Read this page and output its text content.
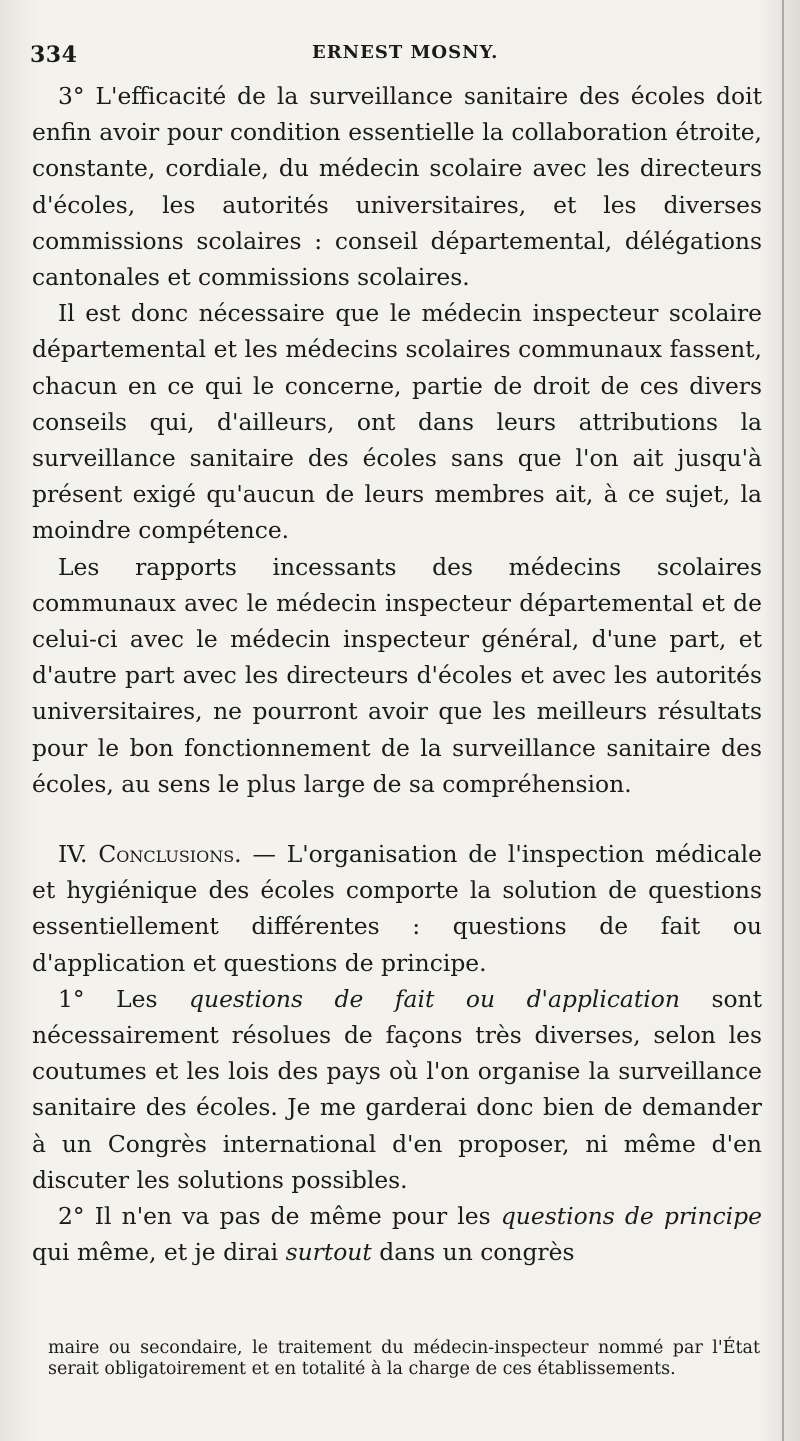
334	ERNEST MOSNY.

3° L'efficacité de la surveillance sanitaire des écoles doit enfin avoir pour condition essentielle la collaboration étroite, constante, cordiale, du médecin scolaire avec les directeurs d'écoles, les autorités universitaires, et les diverses commissions scolaires : conseil départemental, délégations cantonales et commissions scolaires.

Il est donc nécessaire que le médecin inspecteur scolaire départemental et les médecins scolaires communaux fassent, chacun en ce qui le concerne, partie de droit de ces divers conseils qui, d'ailleurs, ont dans leurs attributions la surveillance sanitaire des écoles sans que l'on ait jusqu'à présent exigé qu'aucun de leurs membres ait, à ce sujet, la moindre compétence.

Les rapports incessants des médecins scolaires communaux avec le médecin inspecteur départemental et de celui-ci avec le médecin inspecteur général, d'une part, et d'autre part avec les directeurs d'écoles et avec les autorités universitaires, ne pourront avoir que les meilleurs résultats pour le bon fonctionnement de la surveillance sanitaire des écoles, au sens le plus large de sa compréhension.

IV. Conclusions. — L'organisation de l'inspection médicale et hygiénique des écoles comporte la solution de questions essentiellement différentes : questions de fait ou d'application et questions de principe.

1° Les questions de fait ou d'application sont nécessairement résolues de façons très diverses, selon les coutumes et les lois des pays où l'on organise la surveillance sanitaire des écoles. Je me garderai donc bien de demander à un Congrès international d'en proposer, ni même d'en discuter les solutions possibles.

2° Il n'en va pas de même pour les questions de principe qui même, et je dirai surtout dans un congrès

maire ou secondaire, le traitement du médecin-inspecteur nommé par l'État serait obligatoirement et en totalité à la charge de ces établissements.
